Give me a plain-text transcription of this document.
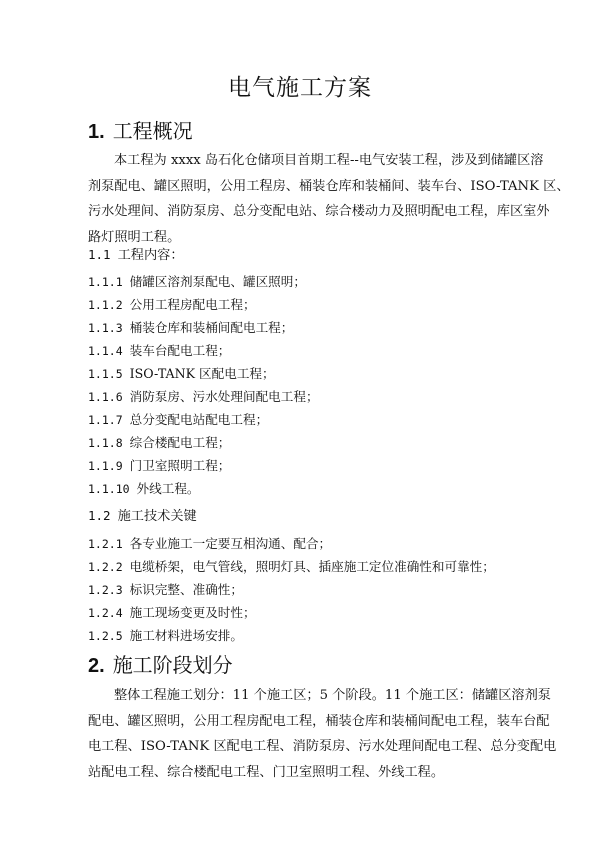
电气施工方案
1. 工程概况
本工程为 xxxx 岛石化仓储项目首期工程--电气安装工程，涉及到储罐区溶
剂泵配电、罐区照明，公用工程房、桶装仓库和装桶间、装车台、ISO-TANK 区、
污水处理间、消防泵房、总分变配电站、综合楼动力及照明配电工程，库区室外
路灯照明工程。
1.1 工程内容：
1.1.1 储罐区溶剂泵配电、罐区照明；
1.1.2 公用工程房配电工程；
1.1.3 桶装仓库和装桶间配电工程；
1.1.4 装车台配电工程；
1.1.5 ISO-TANK 区配电工程；
1.1.6 消防泵房、污水处理间配电工程；
1.1.7 总分变配电站配电工程；
1.1.8 综合楼配电工程；
1.1.9 门卫室照明工程；
1.1.10 外线工程。
1.2 施工技术关键
1.2.1 各专业施工一定要互相沟通、配合；
1.2.2 电缆桥架，电气管线，照明灯具、插座施工定位准确性和可靠性；
1.2.3 标识完整、准确性；
1.2.4 施工现场变更及时性；
1.2.5 施工材料进场安排。
2. 施工阶段划分
整体工程施工划分：11 个施工区；5 个阶段。11 个施工区：储罐区溶剂泵
配电、罐区照明，公用工程房配电工程，桶装仓库和装桶间配电工程，装车台配
电工程、ISO-TANK 区配电工程、消防泵房、污水处理间配电工程、总分变配电
站配电工程、综合楼配电工程、门卫室照明工程、外线工程。
